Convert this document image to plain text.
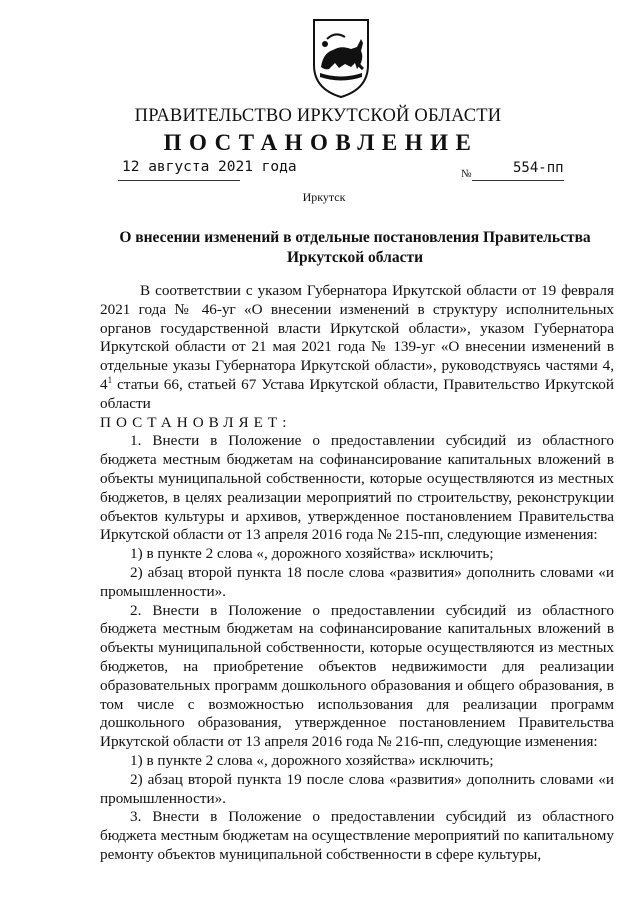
ПРАВИТЕЛЬСТВО ИРКУТСКОЙ ОБЛАСТИ
ПОСТАНОВЛЕНИЕ
12 августа 2021 года	№	554-пп
Иркутск
О внесении изменений в отдельные постановления Правительства
Иркутской области

В соответствии с указом Губернатора Иркутской области от 19 февраля 2021 года № 46-уг «О внесении изменений в структуру исполнительных органов государственной власти Иркутской области», указом Губернатора Иркутской области от 21 мая 2021 года № 139-уг «О внесении изменений в отдельные указы Губернатора Иркутской области», руководствуясь частями 4, $4^1$ статьи 66, статьей 67 Устава Иркутской области, Правительство Иркутской области

ПОСТАНОВЛЯЕТ:

1. Внести в Положение о предоставлении субсидий из областного бюджета местным бюджетам на софинансирование капитальных вложений в объекты муниципальной собственности, которые осуществляются из местных бюджетов, в целях реализации мероприятий по строительству, реконструкции объектов культуры и архивов, утвержденное постановлением Правительства Иркутской области от 13 апреля 2016 года № 215-пп, следующие изменения:

1) в пункте 2 слова «, дорожного хозяйства» исключить;

2) абзац второй пункта 18 после слова «развития» дополнить словами «и промышленности».

2. Внести в Положение о предоставлении субсидий из областного бюджета местным бюджетам на софинансирование капитальных вложений в объекты муниципальной собственности, которые осуществляются из местных бюджетов, на приобретение объектов недвижимости для реализации образовательных программ дошкольного образования и общего образования, в том числе с возможностью использования для реализации программ дошкольного образования, утвержденное постановлением Правительства Иркутской области от 13 апреля 2016 года № 216-пп, следующие изменения:

1) в пункте 2 слова «, дорожного хозяйства» исключить;

2) абзац второй пункта 19 после слова «развития» дополнить словами «и промышленности».

3. Внести в Положение о предоставлении субсидий из областного бюджета местным бюджетам на осуществление мероприятий по капитальному ремонту объектов муниципальной собственности в сфере культуры,
